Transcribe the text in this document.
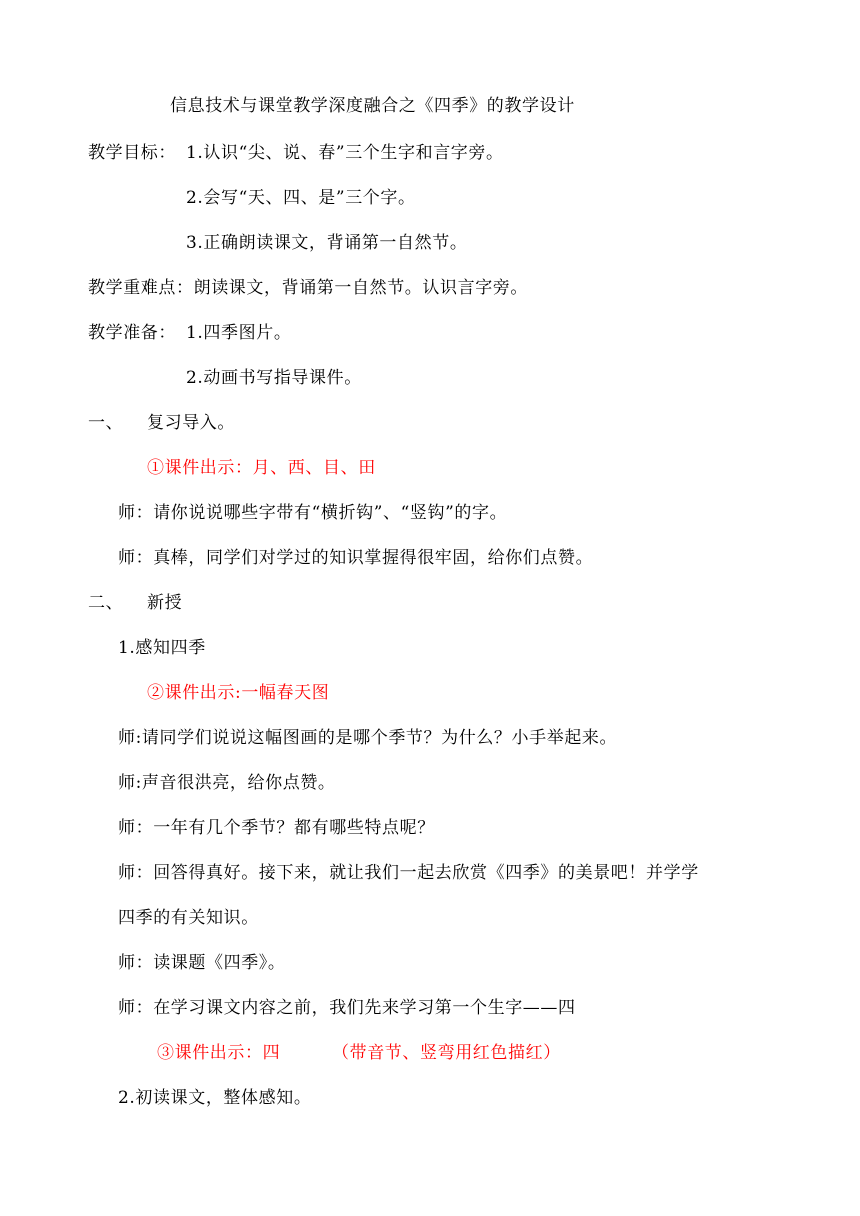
信息技术与课堂教学深度融合之《四季》的教学设计
教学目标： 1.认识“尖、说、春”三个生字和言字旁。
2.会写“天、四、是”三个字。
3.正确朗读课文，背诵第一自然节。
教学重难点：朗读课文，背诵第一自然节。认识言字旁。
教学准备： 1.四季图片。
2.动画书写指导课件。
一、 复习导入。
①课件出示：月、西、目、田
师：请你说说哪些字带有“横折钩”、“竖钩”的字。
师：真棒，同学们对学过的知识掌握得很牢固，给你们点赞。
二、 新授
1.感知四季
②课件出示:一幅春天图
师:请同学们说说这幅图画的是哪个季节？为什么？小手举起来。
师:声音很洪亮，给你点赞。
师：一年有几个季节？都有哪些特点呢？
师：回答得真好。接下来，就让我们一起去欣赏《四季》的美景吧！并学学
四季的有关知识。
师：读课题《四季》。
师：在学习课文内容之前，我们先来学习第一个生字——四
③课件出示：四	（带音节、竖弯用红色描红）
2.初读课文，整体感知。
